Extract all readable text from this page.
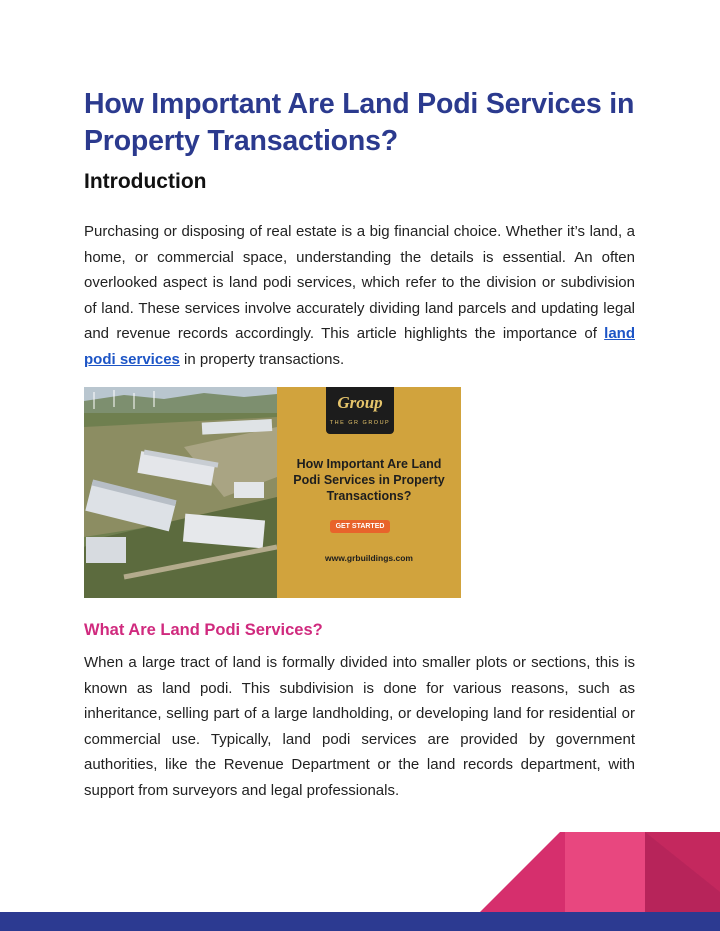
How Important Are Land Podi Services in Property Transactions?
Introduction

Purchasing or disposing of real estate is a big financial choice. Whether it’s land, a home, or commercial space, understanding the details is essential. An often overlooked aspect is land podi services, which refer to the division or subdivision of land. These services involve accurately dividing land parcels and updating legal and revenue records accordingly. This article highlights the importance of land podi services in property transactions.

Group
THE GR GROUP
How Important Are Land Podi Services in Property Transactions?
GET STARTED
www.grbuildings.com
What Are Land Podi Services?

When a large tract of land is formally divided into smaller plots or sections, this is known as land podi. This subdivision is done for various reasons, such as inheritance, selling part of a large landholding, or developing land for residential or commercial use. Typically, land podi services are provided by government authorities, like the Revenue Department or the land records department, with support from surveyors and legal professionals.
